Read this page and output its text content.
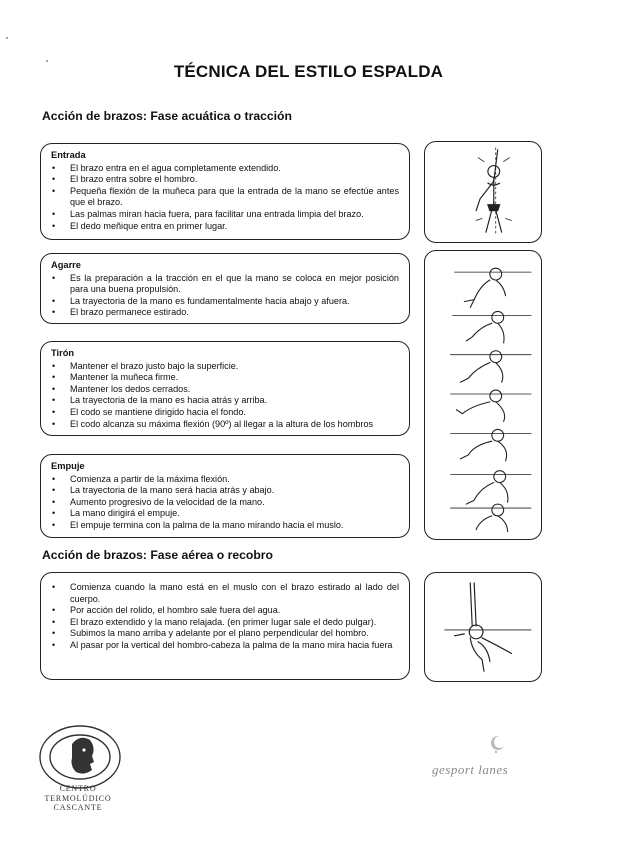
TÉCNICA DEL ESTILO ESPALDA
Acción de brazos: Fase acuática o tracción
Entrada
• El brazo entra en el agua completamente extendido.
• El brazo entra sobre el hombro.
• Pequeña flexión de la muñeca para que la entrada de la mano se efectúe antes que el brazo.
• Las palmas miran hacia fuera, para facilitar una entrada limpia del brazo.
• El dedo meñique entra en primer lugar.
Agarre
• Es la preparación a la tracción en el que la mano se coloca en mejor posición para una buena propulsión.
• La trayectoria de la mano es fundamentalmente hacia abajo y afuera.
• El brazo permanece estirado.
Tirón
• Mantener el brazo justo bajo la superficie.
• Mantener la muñeca firme.
• Mantener los dedos cerrados.
• La trayectoria de la mano es hacia atrás y arriba.
• El codo se mantiene dirigido hacia el fondo.
• El codo alcanza su máxima flexión (90º) al llegar a la altura de los hombros
Empuje
• Comienza a partir de la máxima flexión.
• La trayectoria de la mano será hacia atrás y abajo.
• Aumento progresivo de la velocidad de la mano.
• La mano dirigirá el empuje.
• El empuje termina con la palma de la mano mirando hacia el muslo.
Acción de brazos: Fase aérea o recobro
• Comienza cuando la mano está en el muslo con el brazo estirado al lado del cuerpo.
• Por acción del rolido, el hombro sale fuera del agua.
• El brazo extendido y la mano relajada. (en primer lugar sale el dedo pulgar).
• Subimos la mano arriba y adelante por el plano perpendicular del hombro.
• Al pasar por la vertical del hombro-cabeza la palma de la mano mira hacia fuera
CENTRO
TERMOLÚDICO
CASCANTE
gesport lanes
